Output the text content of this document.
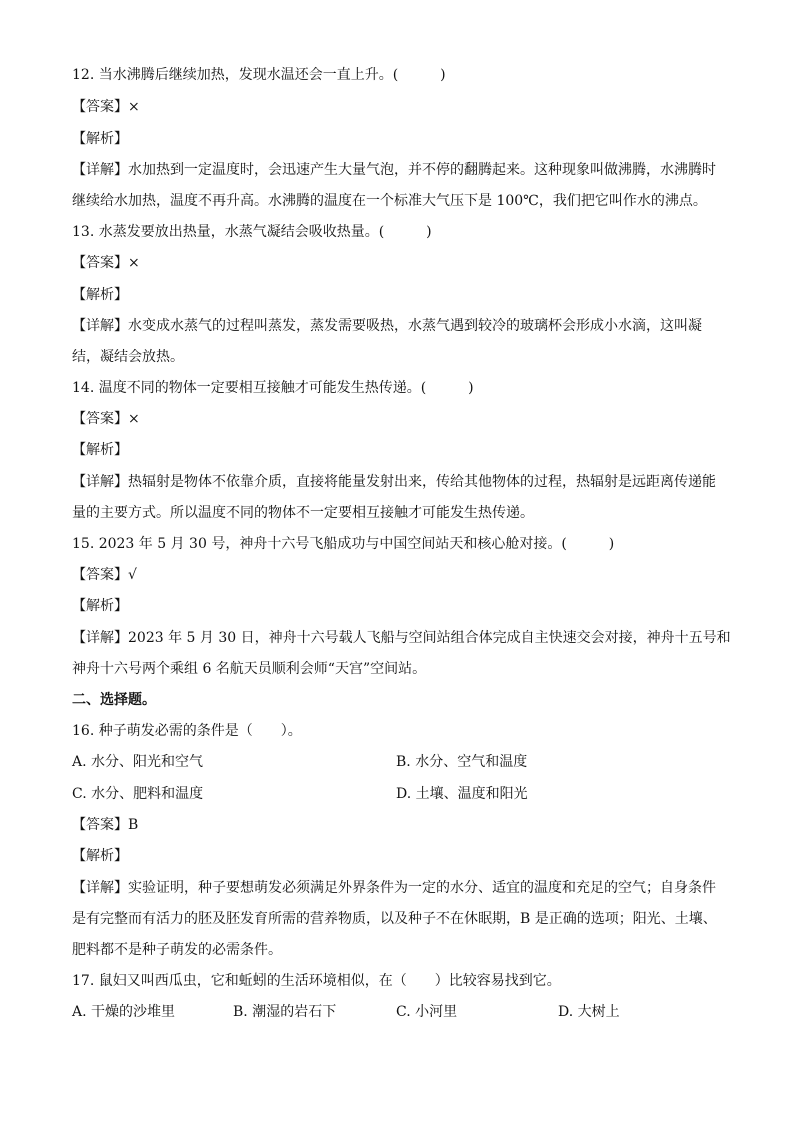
12. 当水沸腾后继续加热，发现水温还会一直上升。(　　　)
【答案】×
【解析】
【详解】水加热到一定温度时，会迅速产生大量气泡，并不停的翻腾起来。这种现象叫做沸腾，水沸腾时
继续给水加热，温度不再升高。水沸腾的温度在一个标准大气压下是 100℃，我们把它叫作水的沸点。
13. 水蒸发要放出热量，水蒸气凝结会吸收热量。(　　　)
【答案】×
【解析】
【详解】水变成水蒸气的过程叫蒸发，蒸发需要吸热，水蒸气遇到较冷的玻璃杯会形成小水滴，这叫凝
结，凝结会放热。
14. 温度不同的物体一定要相互接触才可能发生热传递。(　　　)
【答案】×
【解析】
【详解】热辐射是物体不依靠介质，直接将能量发射出来，传给其他物体的过程，热辐射是远距离传递能
量的主要方式。所以温度不同的物体不一定要相互接触才可能发生热传递。
15. 2023 年 5 月 30 号，神舟十六号飞船成功与中国空间站天和核心舱对接。(　　　)
【答案】√
【解析】
【详解】2023 年 5 月 30 日，神舟十六号载人飞船与空间站组合体完成自主快速交会对接，神舟十五号和
神舟十六号两个乘组 6 名航天员顺利会师“天宫”空间站。
二、选择题。
16. 种子萌发必需的条件是（　　）。
A. 水分、阳光和空气	B. 水分、空气和温度
C. 水分、肥料和温度	D. 土壤、温度和阳光
【答案】B
【解析】
【详解】实验证明，种子要想萌发必须满足外界条件为一定的水分、适宜的温度和充足的空气；自身条件
是有完整而有活力的胚及胚发育所需的营养物质，以及种子不在休眠期，B 是正确的选项；阳光、土壤、
肥料都不是种子萌发的必需条件。
17. 鼠妇又叫西瓜虫，它和蚯蚓的生活环境相似，在（　　）比较容易找到它。
A. 干燥的沙堆里	B. 潮湿的岩石下	C. 小河里	D. 大树上
